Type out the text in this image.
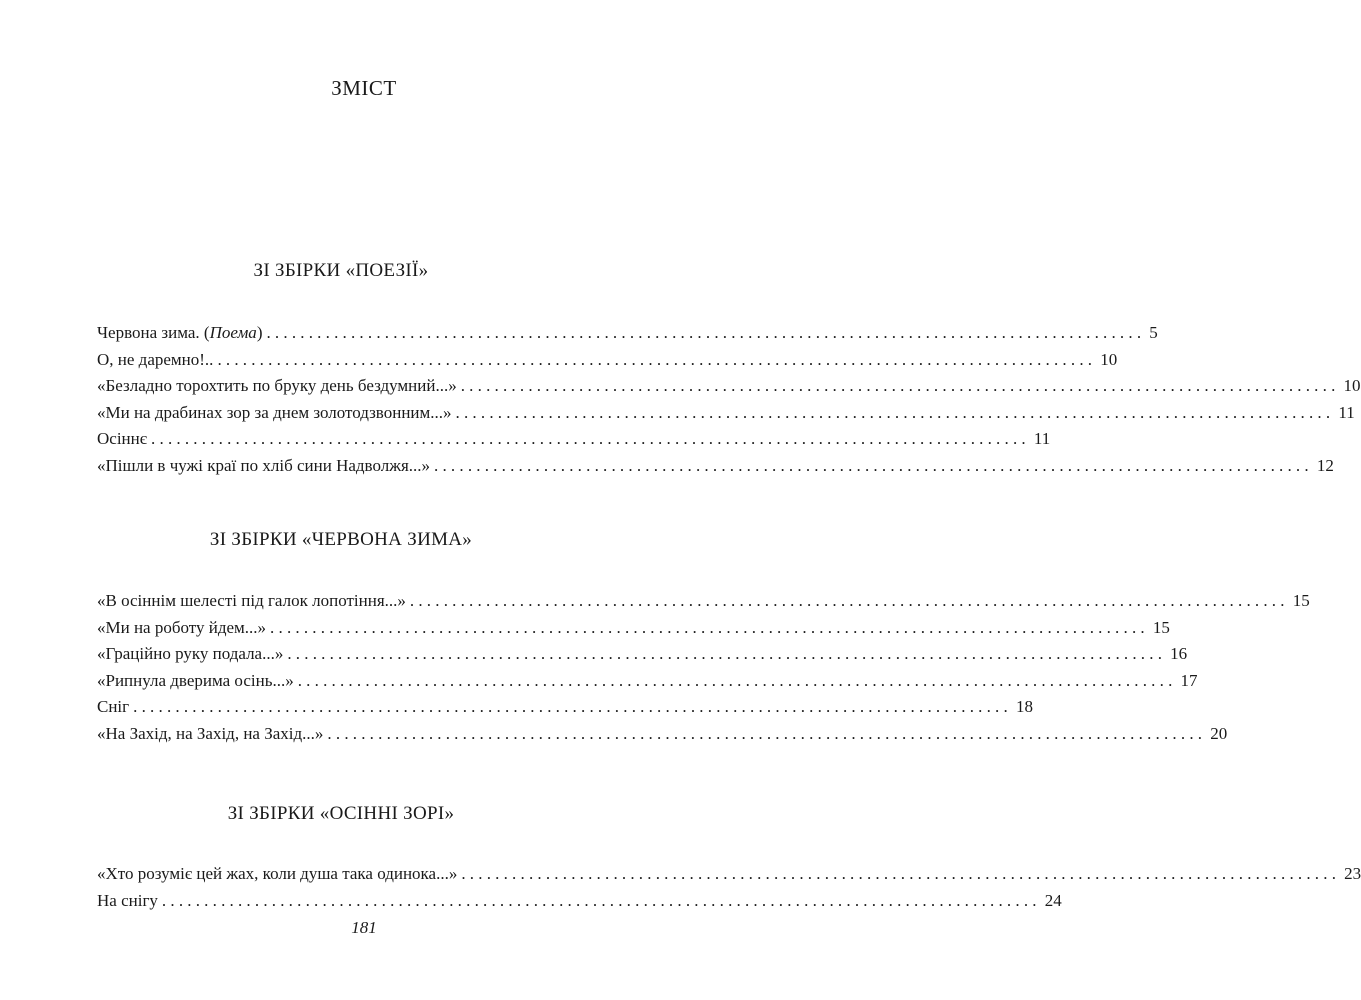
ЗМІСТ
ЗІ ЗБІРКИ «ПОЕЗІЇ»
Червона зима. (Поема) ........................................................................................................ 5
О, не даремно!.. ........................................................................................................ 10
«Безладно торохтить по бруку день бездумний...» ........................................................................................................ 10
«Ми на драбинах зор за днем золотодзвонним...» ........................................................................................................ 11
Осіннє ........................................................................................................ 11
«Пішли в чужі краї по хліб сини Надволжя...» ........................................................................................................ 12
ЗІ ЗБІРКИ «ЧЕРВОНА ЗИМА»
«В осіннім шелесті під галок лопотіння...» ........................................................................................................ 15
«Ми на роботу йдем...» ........................................................................................................ 15
«Граційно руку подала...» ........................................................................................................ 16
«Рипнула дверима осінь...» ........................................................................................................ 17
Сніг ........................................................................................................ 18
«На Захід, на Захід, на Захід...» ........................................................................................................ 20
ЗІ ЗБІРКИ «ОСІННІ ЗОРІ»
«Хто розуміє цей жах, коли душа така одинока...» ........................................................................................................ 23
На снігу ........................................................................................................ 24
181
